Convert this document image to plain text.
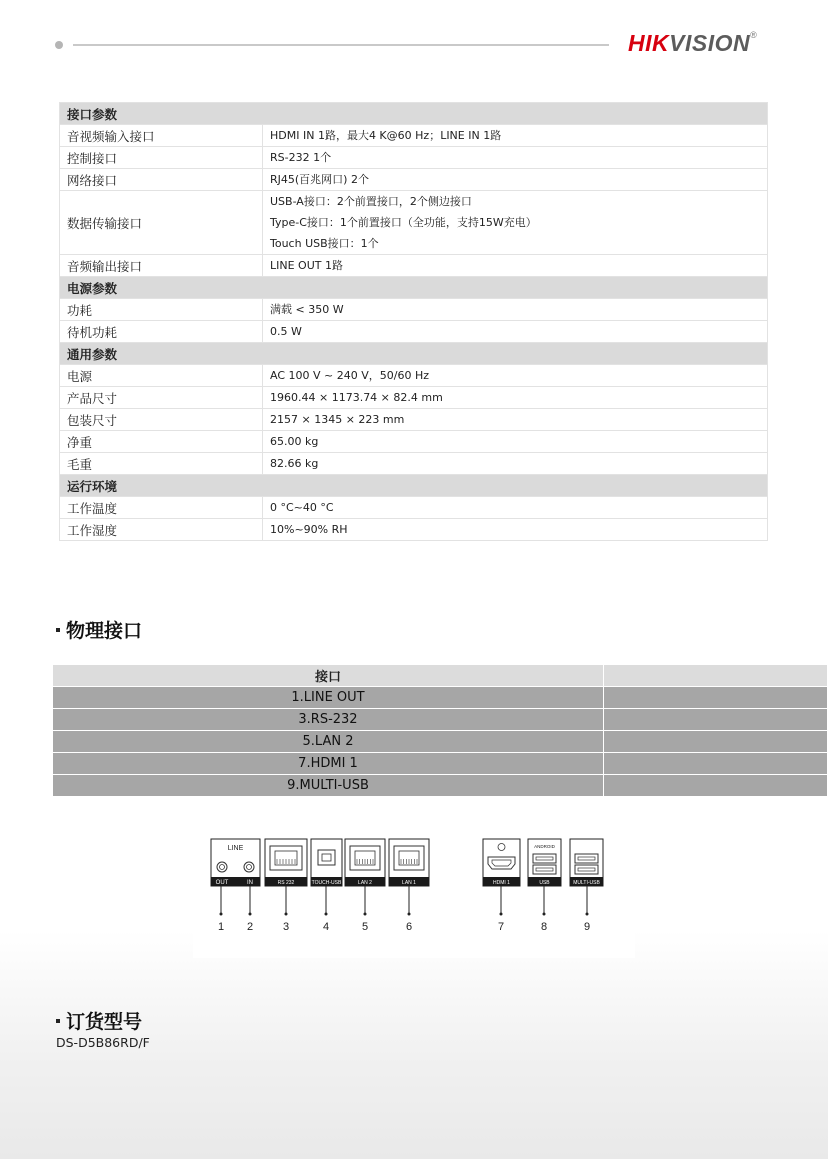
HIKVISION®
接口参数	
音视频输入接口	HDMI IN 1路，最大4 K@60 Hz；LINE IN 1路

控制接口	RS-232 1个

网络接口	RJ45(百兆网口) 2个

数据传输接口	USB-A接口：2个前置接口，2个侧边接口
Type-C接口：1个前置接口（全功能，支持15W充电）
Touch USB接口：1个

音频输出接口	LINE OUT 1路

电源参数	
功耗	满载 < 350 W

待机功耗	0.5 W

通用参数	
电源	AC 100 V ~ 240 V，50/60 Hz

产品尺寸	1960.44 × 1173.74 × 82.4 mm

包装尺寸	2157 × 1345 × 223 mm

净重	65.00 kg

毛重	82.66 kg

运行环境	
工作温度	0 °C~40 °C

工作湿度	10%~90% RH
物理接口
接口	
1.LINE OUT	
3.RS-232	
5.LAN 2	
7.HDMI 1	
9.MULTI-USB	
LINE
OUT	IN
1 2
RS 232
3
TOUCH-USB
4
LAN 2
5
LAN 1
6
HDMI 1
7
ANDROID
USB
8
MULTI-USB
9
订货型号
DS-D5B86RD/F
